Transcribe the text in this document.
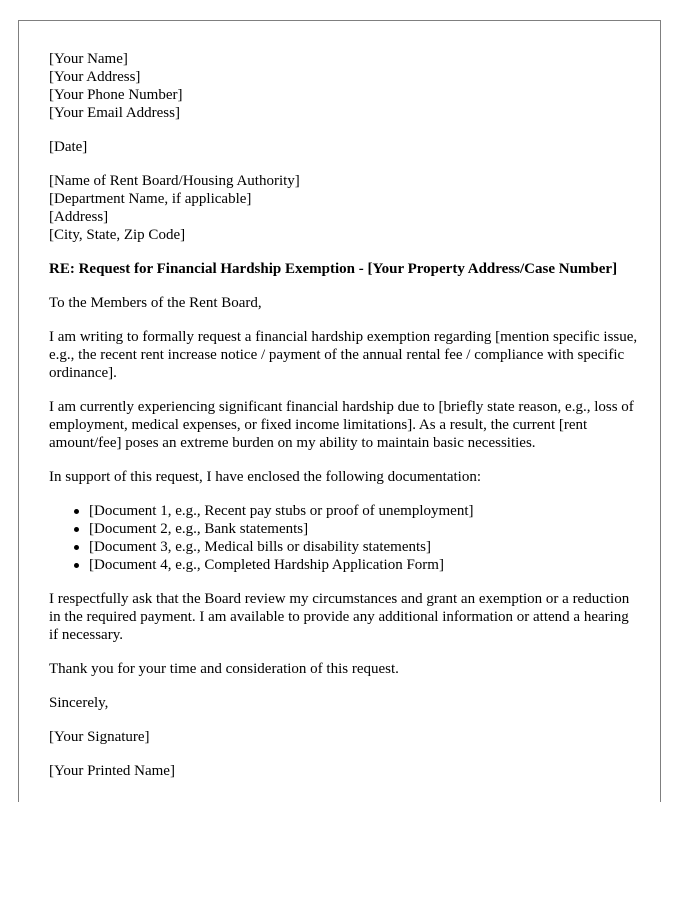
[Your Name]
[Your Address]
[Your Phone Number]
[Your Email Address]
[Date]
[Name of Rent Board/Housing Authority]
[Department Name, if applicable]
[Address]
[City, State, Zip Code]
RE: Request for Financial Hardship Exemption - [Your Property Address/Case Number]
To the Members of the Rent Board,
I am writing to formally request a financial hardship exemption regarding [mention specific issue, e.g., the recent rent increase notice / payment of the annual rental fee / compliance with specific ordinance].
I am currently experiencing significant financial hardship due to [briefly state reason, e.g., loss of employment, medical expenses, or fixed income limitations]. As a result, the current [rent amount/fee] poses an extreme burden on my ability to maintain basic necessities.
In support of this request, I have enclosed the following documentation:
[Document 1, e.g., Recent pay stubs or proof of unemployment]
[Document 2, e.g., Bank statements]
[Document 3, e.g., Medical bills or disability statements]
[Document 4, e.g., Completed Hardship Application Form]
I respectfully ask that the Board review my circumstances and grant an exemption or a reduction in the required payment. I am available to provide any additional information or attend a hearing if necessary.
Thank you for your time and consideration of this request.
Sincerely,
[Your Signature]
[Your Printed Name]
